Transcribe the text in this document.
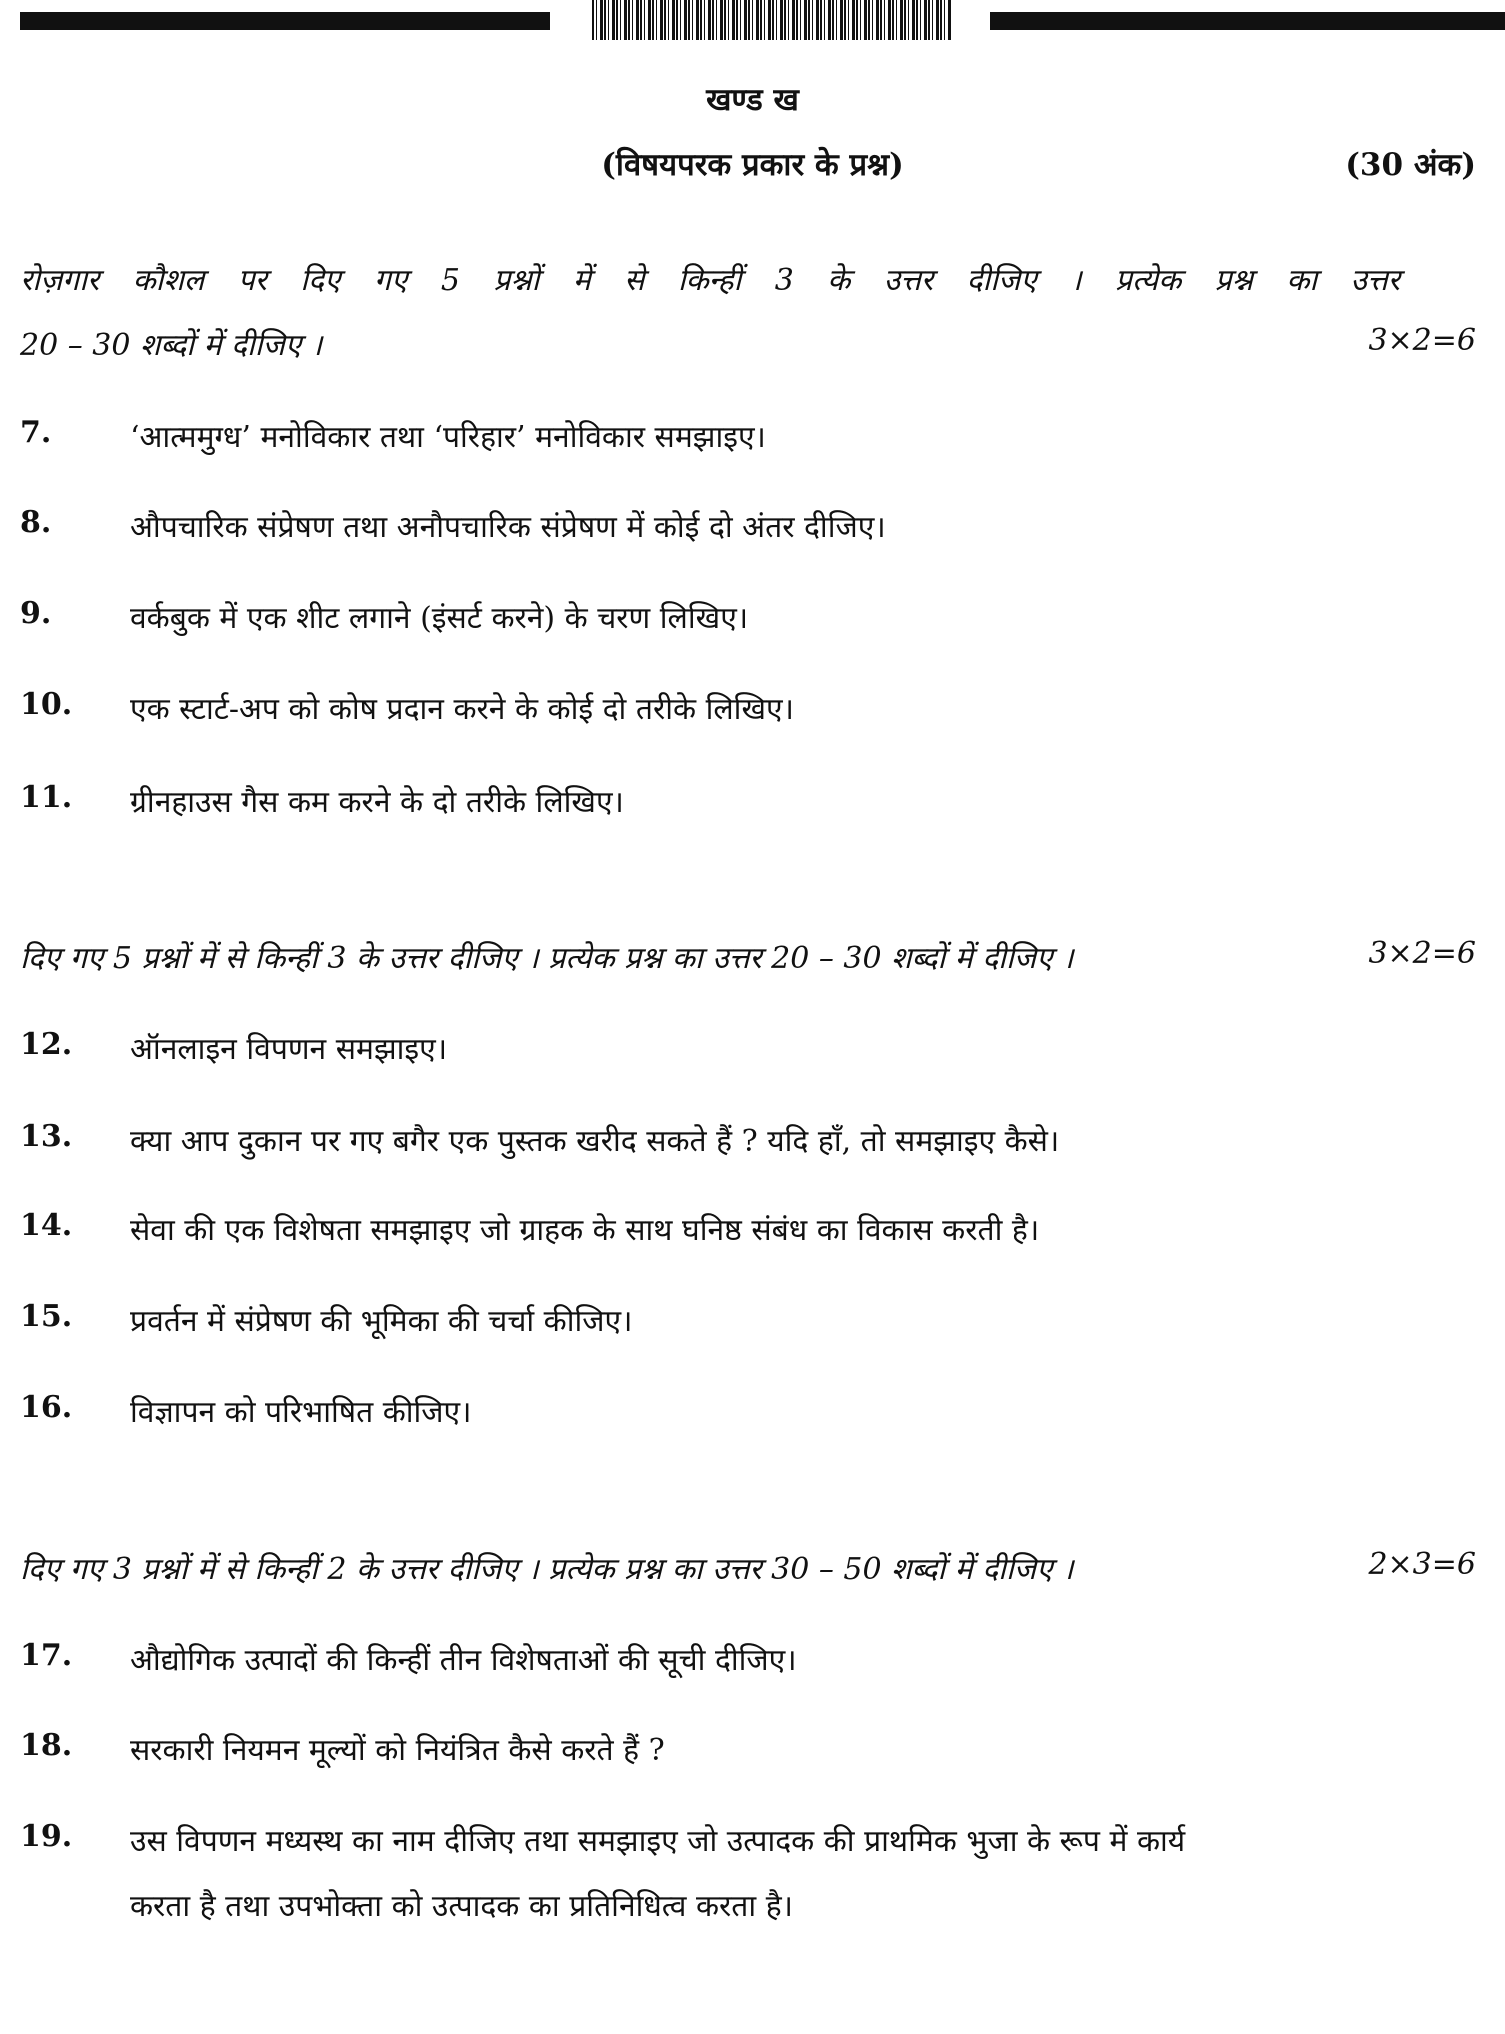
खण्ड ख
(विषयपरक प्रकार के प्रश्न)	(30 अंक)
रोज़गार कौशल पर दिए गए 5 प्रश्नों में से किन्हीं 3 के उत्तर दीजिए । प्रत्येक प्रश्न का उत्तर
20 – 30 शब्दों में दीजिए ।	3×2=6
7.	‘आत्ममुग्ध’ मनोविकार तथा ‘परिहार’ मनोविकार समझाइए।
8.	औपचारिक संप्रेषण तथा अनौपचारिक संप्रेषण में कोई दो अंतर दीजिए।
9.	वर्कबुक में एक शीट लगाने (इंसर्ट करने) के चरण लिखिए।
10. एक स्टार्ट-अप को कोष प्रदान करने के कोई दो तरीके लिखिए।
11. ग्रीनहाउस गैस कम करने के दो तरीके लिखिए।
दिए गए 5 प्रश्नों में से किन्हीं 3 के उत्तर दीजिए । प्रत्येक प्रश्न का उत्तर 20 – 30 शब्दों में दीजिए ।	3×2=6
12. ऑनलाइन विपणन समझाइए।
13. क्या आप दुकान पर गए बगैर एक पुस्तक खरीद सकते हैं ? यदि हाँ, तो समझाइए कैसे।
14. सेवा की एक विशेषता समझाइए जो ग्राहक के साथ घनिष्ठ संबंध का विकास करती है।
15. प्रवर्तन में संप्रेषण की भूमिका की चर्चा कीजिए।
16. विज्ञापन को परिभाषित कीजिए।
दिए गए 3 प्रश्नों में से किन्हीं 2 के उत्तर दीजिए । प्रत्येक प्रश्न का उत्तर 30 – 50 शब्दों में दीजिए ।	2×3=6
17. औद्योगिक उत्पादों की किन्हीं तीन विशेषताओं की सूची दीजिए।
18. सरकारी नियमन मूल्यों को नियंत्रित कैसे करते हैं ?
19. उस विपणन मध्यस्थ का नाम दीजिए तथा समझाइए जो उत्पादक की प्राथमिक भुजा के रूप में कार्य
करता है तथा उपभोक्ता को उत्पादक का प्रतिनिधित्व करता है।
